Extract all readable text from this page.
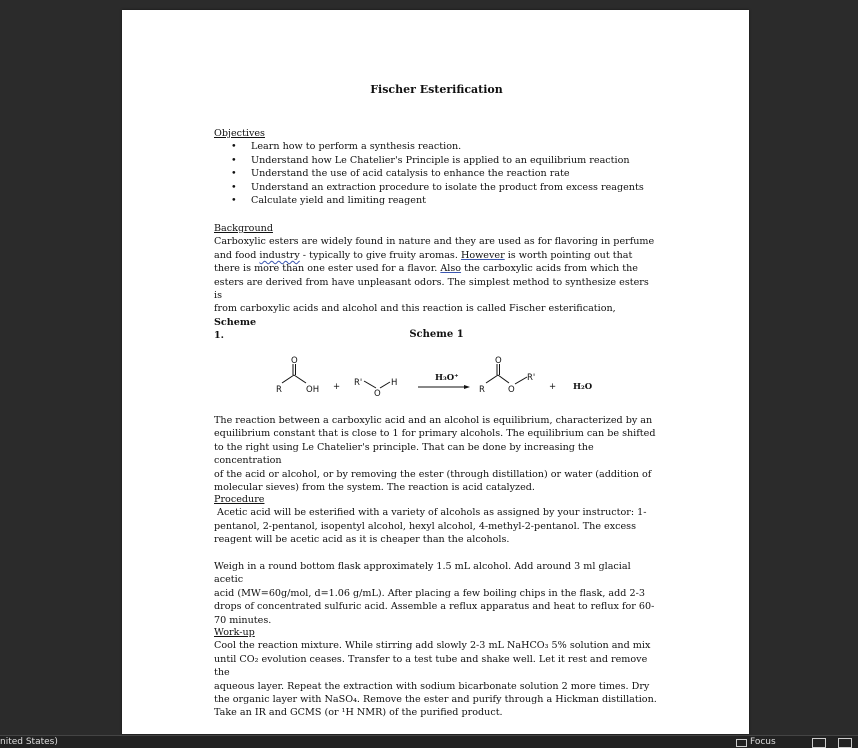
Fischer Esterification
Objectives
• Learn how to perform a synthesis reaction.
• Understand how Le Chatelier's Principle is applied to an equilibrium reaction
• Understand the use of acid catalysis to enhance the reaction rate
• Understand an extraction procedure to isolate the product from excess reagents
• Calculate yield and limiting reagent
Background
Carboxylic esters are widely found in nature and they are used as for flavoring in perfume
and food industry - typically to give fruity aromas. However is worth pointing out that
there is more than one ester used for a flavor. Also the carboxylic acids from which the
esters are derived from have unpleasant odors. The simplest method to synthesize esters is
from carboxylic acids and alcohol and this reaction is called Fischer esterification, Scheme
1.	Scheme 1
O
R	OH + R'
O
H	H₃O⁺
R
O
O
R'
+ H₂O
The reaction between a carboxylic acid and an alcohol is equilibrium, characterized by an
equilibrium constant that is close to 1 for primary alcohols. The equilibrium can be shifted
to the right using Le Chatelier's principle. That can be done by increasing the concentration
of the acid or alcohol, or by removing the ester (through distillation) or water (addition of
molecular sieves) from the system. The reaction is acid catalyzed.
Procedure
Acetic acid will be esterified with a variety of alcohols as assigned by your instructor: 1-
pentanol, 2-pentanol, isopentyl alcohol, hexyl alcohol, 4-methyl-2-pentanol. The excess
reagent will be acetic acid as it is cheaper than the alcohols.
Weigh in a round bottom flask approximately 1.5 mL alcohol. Add around 3 ml glacial acetic
acid (MW=60g/mol, d=1.06 g/mL). After placing a few boiling chips in the flask, add 2-3
drops of concentrated sulfuric acid. Assemble a reflux apparatus and heat to reflux for 60-
70 minutes.
Work-up
Cool the reaction mixture. While stirring add slowly 2-3 mL NaHCO₃ 5% solution and mix
until CO₂ evolution ceases. Transfer to a test tube and shake well. Let it rest and remove the
aqueous layer. Repeat the extraction with sodium bicarbonate solution 2 more times. Dry
the organic layer with NaSO₄. Remove the ester and purify through a Hickman distillation.
Take an IR and GCMS (or ¹H NMR) of the purified product.
nited States)	Focus
